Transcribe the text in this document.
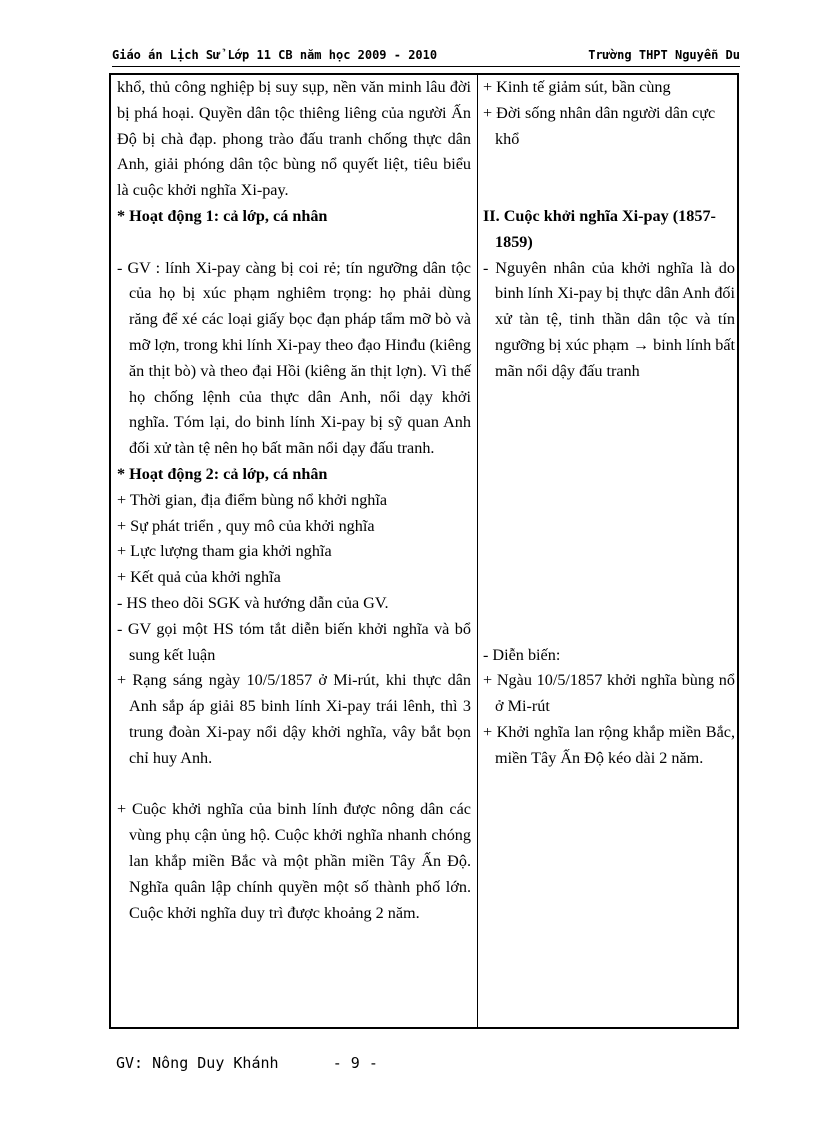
Giáo án Lịch Sử Lớp 11 CB năm học 2009 - 2010	Trường THPT Nguyễn Du

khổ, thủ công nghiệp bị suy sụp, nền văn minh lâu đời bị phá hoại. Quyền dân tộc thiêng liêng của người Ấn Độ bị chà đạp. phong trào đấu tranh chống thực dân Anh, giải phóng dân tộc bùng nổ quyết liệt, tiêu biểu là cuộc khởi nghĩa Xi-pay.

* Hoạt động 1: cả lớp, cá nhân

- GV : lính Xi-pay càng bị coi rẻ; tín ngưỡng dân tộc của họ bị xúc phạm nghiêm trọng: họ phải dùng răng để xé các loại giấy bọc đạn pháp tẩm mỡ bò và mỡ lợn, trong khi lính Xi-pay theo đạo Hinđu (kiêng ăn thịt bò) và theo đại Hồi (kiêng ăn thịt lợn). Vì thế họ chống lệnh của thực dân Anh, nổi dạy khởi nghĩa. Tóm lại, do binh lính Xi-pay bị sỹ quan Anh đối xử tàn tệ nên họ bất mãn nổi dạy đấu tranh.

* Hoạt động 2: cả lớp, cá nhân

+ Thời gian, địa điểm bùng nổ khởi nghĩa

+ Sự phát triển , quy mô của khởi nghĩa

+ Lực lượng tham gia khởi nghĩa

+ Kết quả của khởi nghĩa

- HS theo dõi SGK và hướng dẫn của GV.

- GV gọi một HS tóm tắt diễn biến khởi nghĩa và bổ sung kết luận

+ Rạng sáng ngày 10/5/1857 ở Mi-rút, khi thực dân Anh sắp áp giải 85 binh lính Xi-pay trái lênh, thì 3 trung đoàn Xi-pay nổi dậy khởi nghĩa, vây bắt bọn chỉ huy Anh.

+ Cuộc khởi nghĩa của binh lính được nông dân các vùng phụ cận ủng hộ. Cuộc khởi nghĩa nhanh chóng lan khắp miền Bắc và một phần miền Tây Ấn Độ. Nghĩa quân lập chính quyền một số thành phố lớn. Cuộc khởi nghĩa duy trì được khoảng 2 năm.

+ Kinh tế giảm sút, bần cùng

+ Đời sống nhân dân người dân cực khổ

II. Cuộc khởi nghĩa Xi-pay (1857-1859)

- Nguyên nhân của khởi nghĩa là do binh lính Xi-pay bị thực dân Anh đối xử tàn tệ, tinh thần dân tộc và tín ngưỡng bị xúc phạm → binh lính bất mãn nổi dậy đấu tranh

- Diễn biến:

+ Ngàu 10/5/1857 khởi nghĩa bùng nổ ở Mi-rút

+ Khởi nghĩa lan rộng khắp miền Bắc, miền Tây Ấn Độ kéo dài 2 năm.

GV: Nông Duy Khánh	- 9 -
